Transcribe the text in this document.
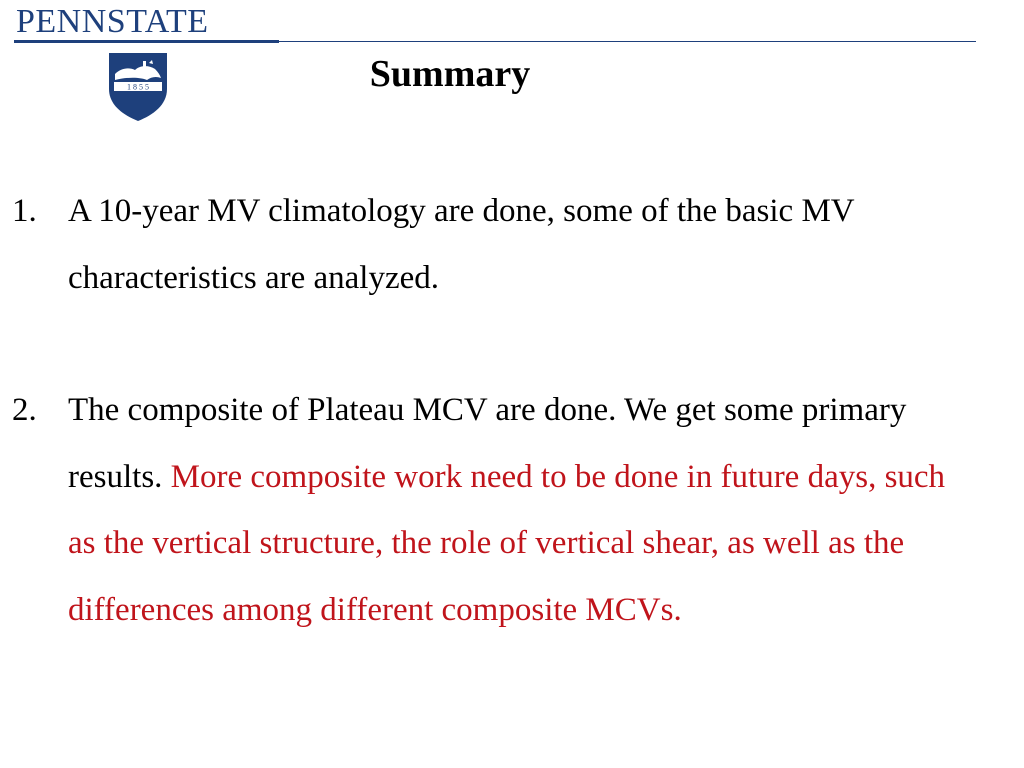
PENNSTATE
1 8 5 5	Summary
1. A 10-year MV climatology are done, some of the basic MV characteristics are analyzed.
2. The composite of Plateau MCV are done. We get some primary results. More composite work need to be done in future days, such as the vertical structure, the role of vertical shear, as well as the differences among different composite MCVs.
